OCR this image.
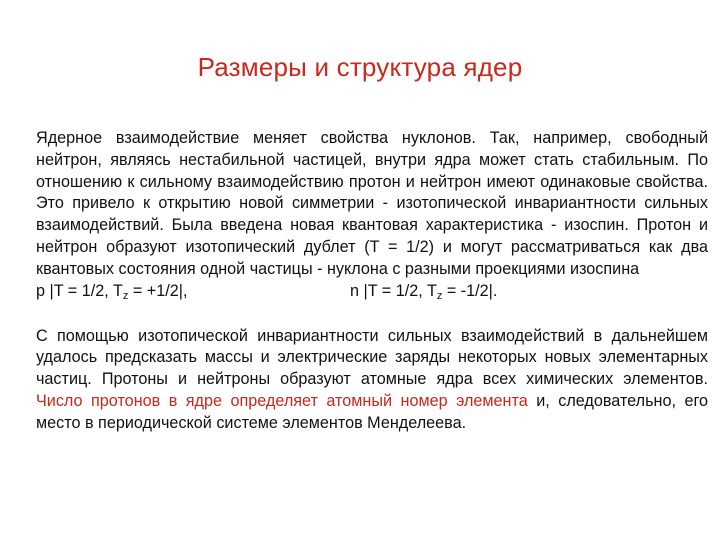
Размеры и структура ядер

Ядерное взаимодействие меняет свойства нуклонов. Так, например, свободный нейтрон, являясь нестабильной частицей, внутри ядра может стать стабильным. По отношению к сильному взаимодействию протон и нейтрон имеют одинаковые свойства. Это привело к открытию новой симметрии - изотопической инвариантности сильных взаимодействий. Была введена новая квантовая характеристика - изоспин. Протон и нейтрон образуют изотопический дублет (T = 1/2) и могут рассматриваться как два квантовых состояния одной частицы - нуклона с разными проекциями изоспина

p |T = 1/2, $T_z = +1/2|$,	n |T = 1/2, $T_z = -1/2|$.

С помощью изотопической инвариантности сильных взаимодействий в дальнейшем удалось предсказать массы и электрические заряды некоторых новых элементарных частиц. Протоны и нейтроны образуют атомные ядра всех химических элементов. Число протонов в ядре определяет атомный номер элемента и, следовательно, его место в периодической системе элементов Менделеева.
